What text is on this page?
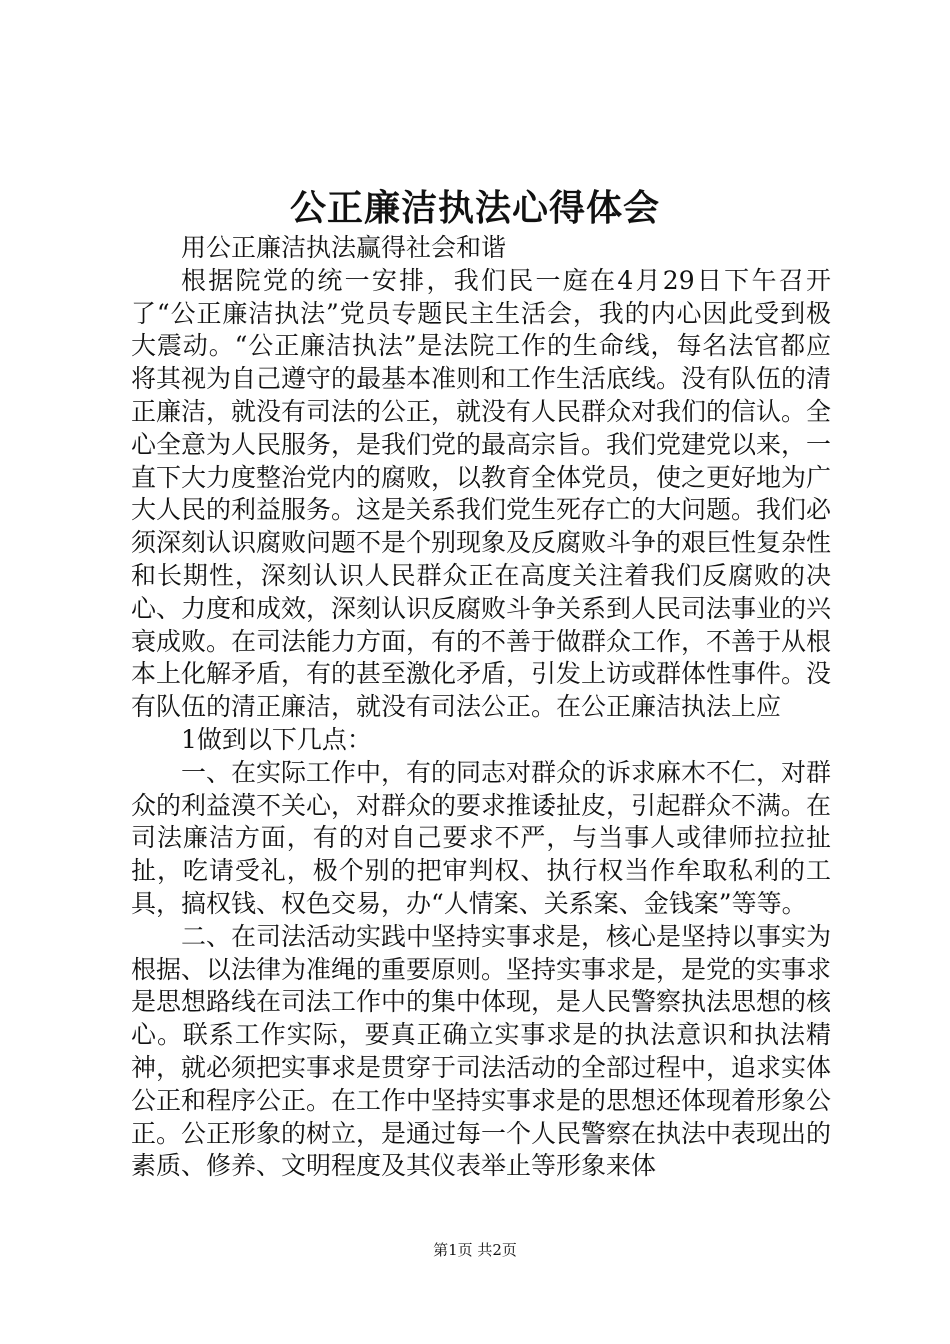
公正廉洁执法心得体会

用公正廉洁执法赢得社会和谐

根据院党的统一安排，我们民一庭在4月29日下午召开了“公正廉洁执法”党员专题民主生活会，我的内心因此受到极大震动。“公正廉洁执法”是法院工作的生命线，每名法官都应将其视为自己遵守的最基本准则和工作生活底线。没有队伍的清正廉洁，就没有司法的公正，就没有人民群众对我们的信认。全心全意为人民服务，是我们党的最高宗旨。我们党建党以来，一直下大力度整治党内的腐败，以教育全体党员，使之更好地为广大人民的利益服务。这是关系我们党生死存亡的大问题。我们必须深刻认识腐败问题不是个别现象及反腐败斗争的艰巨性复杂性和长期性，深刻认识人民群众正在高度关注着我们反腐败的决心、力度和成效，深刻认识反腐败斗争关系到人民司法事业的兴衰成败。在司法能力方面，有的不善于做群众工作，不善于从根本上化解矛盾，有的甚至激化矛盾，引发上访或群体性事件。没有队伍的清正廉洁，就没有司法公正。在公正廉洁执法上应

1做到以下几点：

一、在实际工作中，有的同志对群众的诉求麻木不仁，对群众的利益漠不关心，对群众的要求推诿扯皮，引起群众不满。在司法廉洁方面，有的对自己要求不严，与当事人或律师拉拉扯扯，吃请受礼，极个别的把审判权、执行权当作牟取私利的工具，搞权钱、权色交易，办“人情案、关系案、金钱案”等等。

二、在司法活动实践中坚持实事求是，核心是坚持以事实为根据、以法律为准绳的重要原则。坚持实事求是，是党的实事求是思想路线在司法工作中的集中体现，是人民警察执法思想的核心。联系工作实际，要真正确立实事求是的执法意识和执法精神，就必须把实事求是贯穿于司法活动的全部过程中，追求实体公正和程序公正。在工作中坚持实事求是的思想还体现着形象公正。公正形象的树立，是通过每一个人民警察在执法中表现出的素质、修养、文明程度及其仪表举止等形象来体

第1页 共2页
